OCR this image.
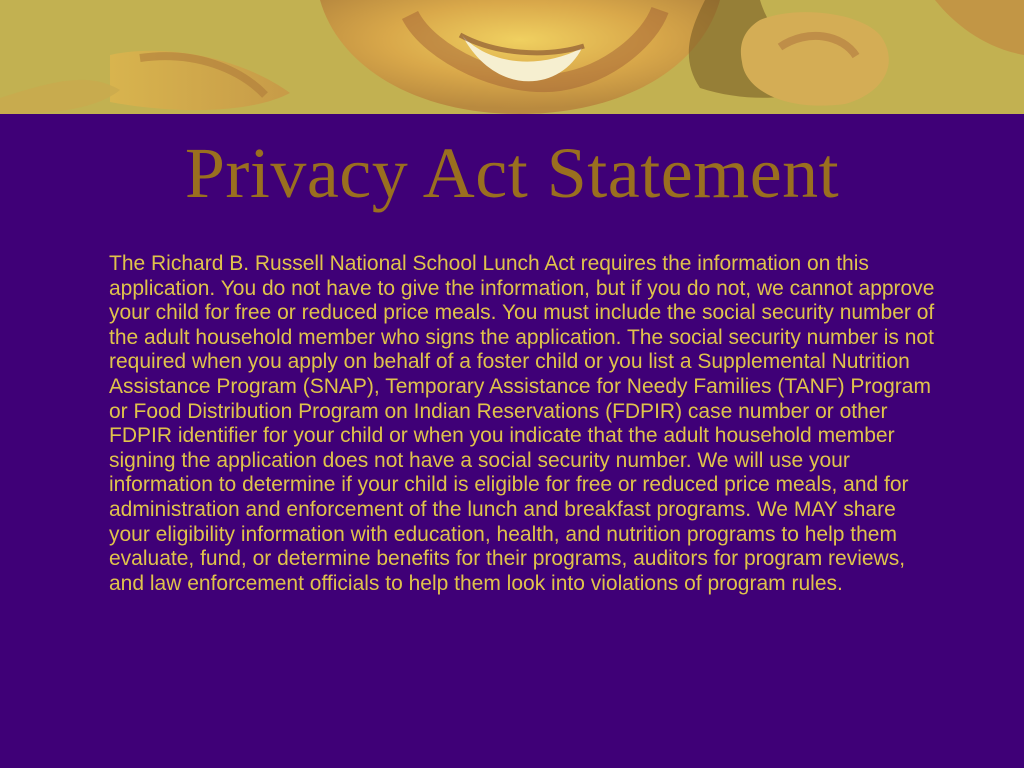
Privacy Act Statement

The Richard B. Russell National School Lunch Act requires the information on this application. You do not have to give the information, but if you do not, we cannot approve your child for free or reduced price meals. You must include the social security number of the adult household member who signs the application. The social security number is not required when you apply on behalf of a foster child or you list a Supplemental Nutrition Assistance Program (SNAP), Temporary Assistance for Needy Families (TANF) Program or Food Distribution Program on Indian Reservations (FDPIR) case number or other FDPIR identifier for your child or when you indicate that the adult household member signing the application does not have a social security number. We will use your information to determine if your child is eligible for free or reduced price meals, and for administration and enforcement of the lunch and breakfast programs. We MAY share your eligibility information with education, health, and nutrition programs to help them evaluate, fund, or determine benefits for their programs, auditors for program reviews, and law enforcement officials to help them look into violations of program rules.
